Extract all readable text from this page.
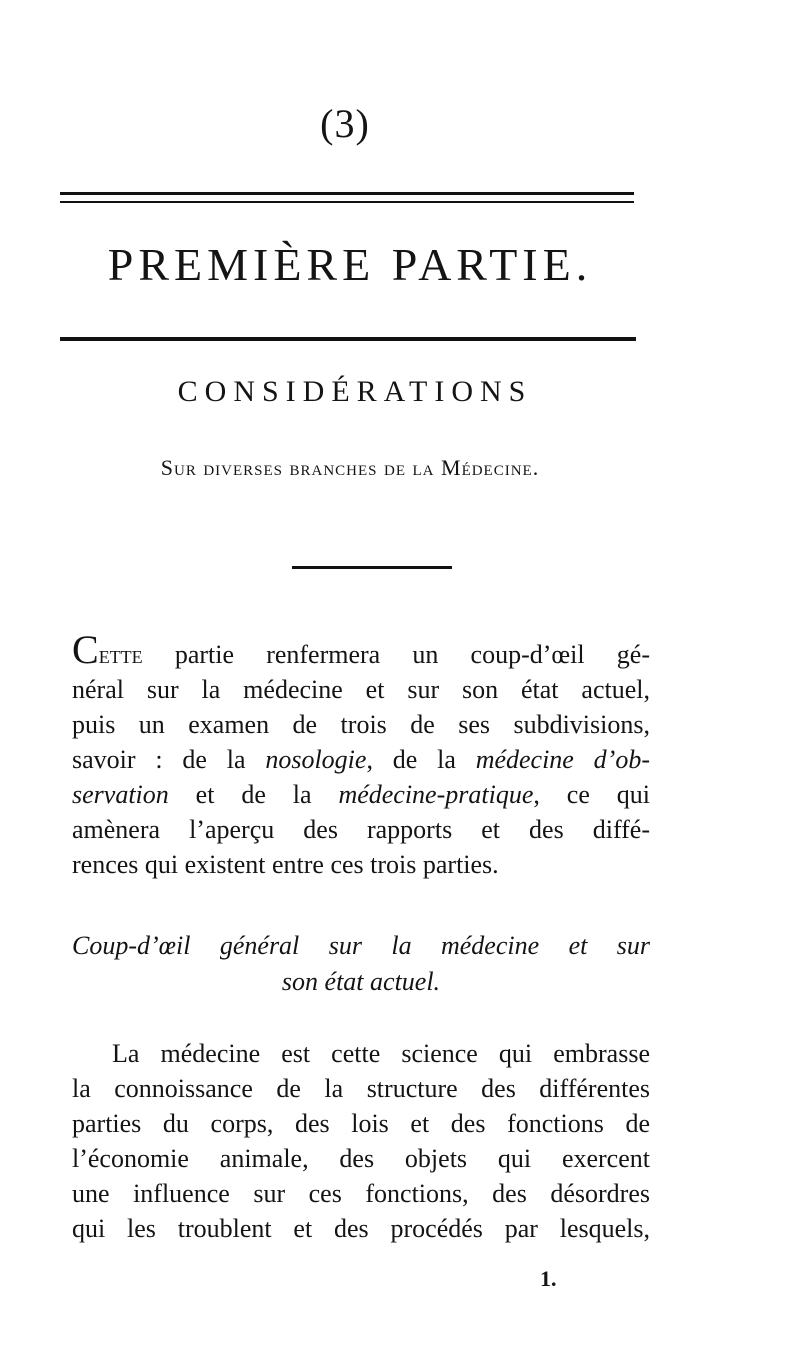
(3)
PREMIÈRE PARTIE.
CONSIDÉRATIONS
Sur diverses branches de la Médecine.
Cette partie renfermera un coup-d’œil gé-
néral sur la médecine et sur son état actuel,
puis un examen de trois de ses subdivisions,
savoir : de la nosologie, de la médecine d’ob-
servation et de la médecine-pratique, ce qui
amènera l’aperçu des rapports et des diffé-
rences qui existent entre ces trois parties.
Coup-d’œil général sur la médecine et sur
son état actuel.
La médecine est cette science qui embrasse
la connoissance de la structure des différentes
parties du corps, des lois et des fonctions de
l’économie animale, des objets qui exercent
une influence sur ces fonctions, des désordres
qui les troublent et des procédés par lesquels,
1.
